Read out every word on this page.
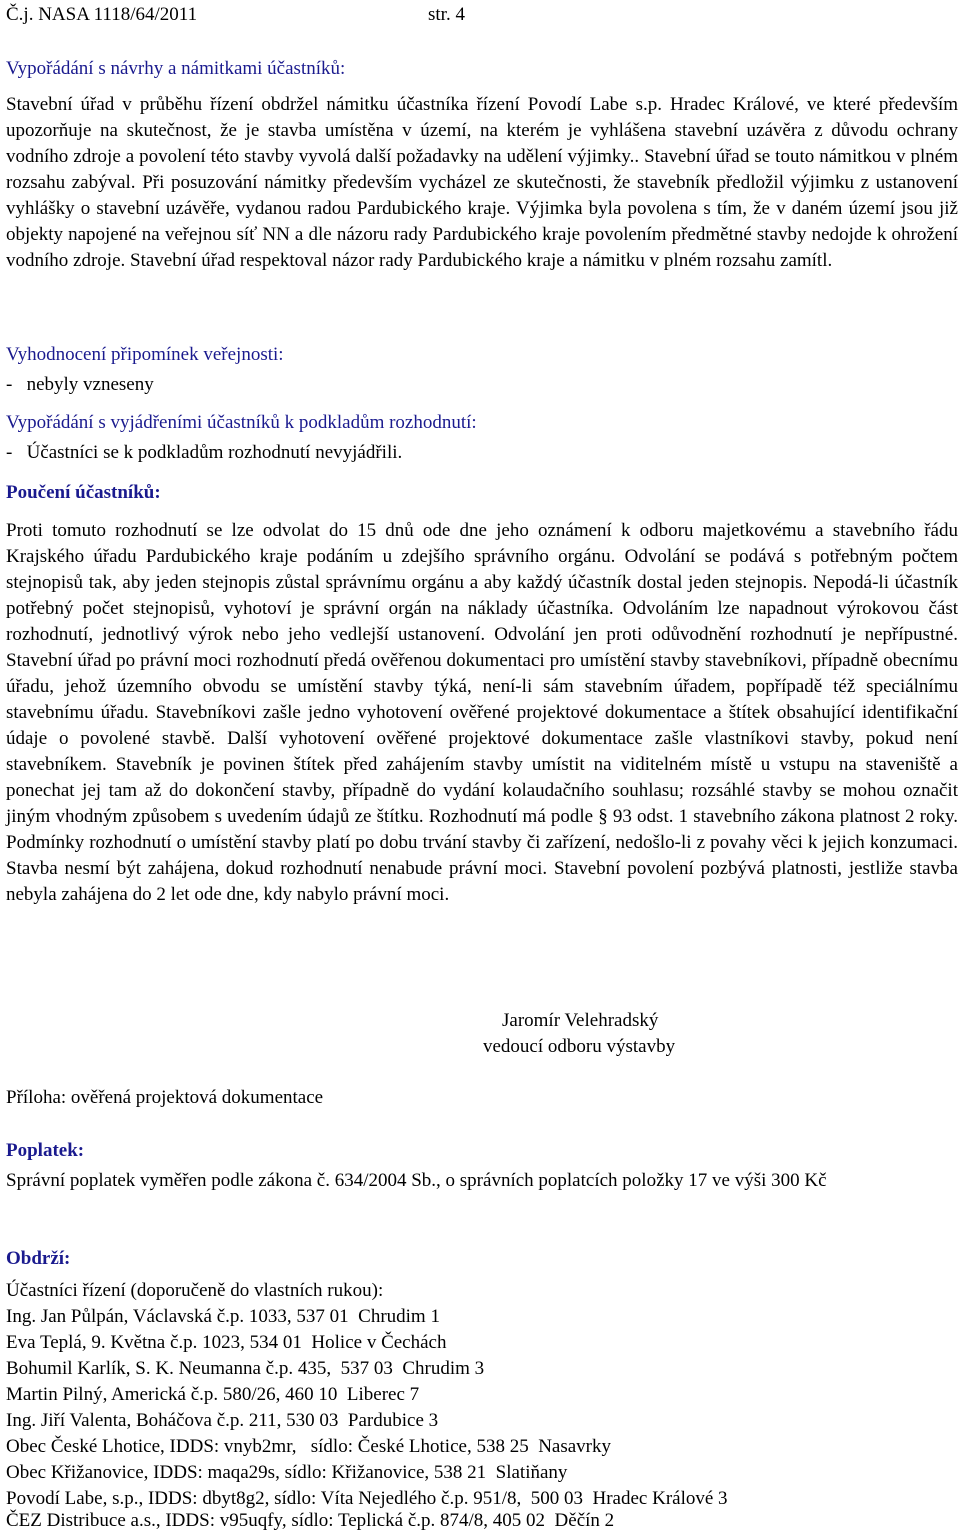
Č.j. NASA 1118/64/2011	str. 4
Vypořádání s návrhy a námitkami účastníků:
Stavební úřad v průběhu řízení obdržel námitku účastníka řízení Povodí Labe s.p. Hradec Králové, ve které především upozorňuje na skutečnost, že je stavba umístěna v území, na kterém je vyhlášena stavební uzávěra z důvodu ochrany vodního zdroje a povolení této stavby vyvolá další požadavky na udělení výjimky.. Stavební úřad se touto námitkou v plném rozsahu zabýval. Při posuzování námitky především vycházel ze skutečnosti, že stavebník předložil výjimku z ustanovení vyhlášky o stavební uzávěře, vydanou radou Pardubického kraje. Výjimka byla povolena s tím, že v daném území jsou již objekty napojené na veřejnou síť NN a dle názoru rady Pardubického kraje povolením předmětné stavby nedojde k ohrožení vodního zdroje. Stavební úřad respektoval názor rady Pardubického kraje a námitku v plném rozsahu zamítl.
Vyhodnocení připomínek veřejnosti:
-   nebyly vzneseny
Vypořádání s vyjádřeními účastníků k podkladům rozhodnutí:
-   Účastníci se k podkladům rozhodnutí nevyjádřili.
Poučení účastníků:
Proti tomuto rozhodnutí se lze odvolat do 15 dnů ode dne jeho oznámení k odboru majetkovému a stavebního řádu Krajského úřadu Pardubického kraje podáním u zdejšího správního orgánu. Odvolání se podává s potřebným počtem stejnopisů tak, aby jeden stejnopis zůstal správnímu orgánu a aby každý účastník dostal jeden stejnopis. Nepodá-li účastník potřebný počet stejnopisů, vyhotoví je správní orgán na náklady účastníka. Odvoláním lze napadnout výrokovou část rozhodnutí, jednotlivý výrok nebo jeho vedlejší ustanovení. Odvolání jen proti odůvodnění rozhodnutí je nepřípustné. Stavební úřad po právní moci rozhodnutí předá ověřenou dokumentaci pro umístění stavby stavebníkovi, případně obecnímu úřadu, jehož územního obvodu se umístění stavby týká, není-li sám stavebním úřadem, popřípadě též speciálnímu stavebnímu úřadu. Stavebníkovi zašle jedno vyhotovení ověřené projektové dokumentace a štítek obsahující identifikační údaje o povolené stavbě. Další vyhotovení ověřené projektové dokumentace zašle vlastníkovi stavby, pokud není stavebníkem. Stavebník je povinen štítek před zahájením stavby umístit na viditelném místě u vstupu na staveniště a ponechat jej tam až do dokončení stavby, případně do vydání kolaudačního souhlasu; rozsáhlé stavby se mohou označit jiným vhodným způsobem s uvedením údajů ze štítku. Rozhodnutí má podle § 93 odst. 1 stavebního zákona platnost 2 roky. Podmínky rozhodnutí o umístění stavby platí po dobu trvání stavby či zařízení, nedošlo-li z povahy věci k jejich konzumaci. Stavba nesmí být zahájena, dokud rozhodnutí nenabude právní moci. Stavební povolení pozbývá platnosti, jestliže stavba nebyla zahájena do 2 let ode dne, kdy nabylo právní moci.
Jaromír Velehradský
vedoucí odboru výstavby
Příloha: ověřená projektová dokumentace
Poplatek:
Správní poplatek vyměřen podle zákona č. 634/2004 Sb., o správních poplatcích položky 17 ve výši 300 Kč
Obdrží:
Účastníci řízení (doporučeně do vlastních rukou):
Ing. Jan Půlpán, Václavská č.p. 1033, 537 01  Chrudim 1
Eva Teplá, 9. Května č.p. 1023, 534 01  Holice v Čechách
Bohumil Karlík, S. K. Neumanna č.p. 435,  537 03  Chrudim 3
Martin Pilný, Americká č.p. 580/26, 460 10  Liberec 7
Ing. Jiří Valenta, Boháčova č.p. 211, 530 03  Pardubice 3
Obec České Lhotice, IDDS: vnyb2mr,   sídlo: České Lhotice, 538 25  Nasavrky
Obec Křižanovice, IDDS: maqa29s, sídlo: Křižanovice, 538 21  Slatiňany
Povodí Labe, s.p., IDDS: dbyt8g2, sídlo: Víta Nejedlého č.p. 951/8,  500 03  Hradec Králové 3
ČEZ Distribuce a.s., IDDS: v95uqfy, sídlo: Teplická č.p. 874/8, 405 02  Děčín 2
